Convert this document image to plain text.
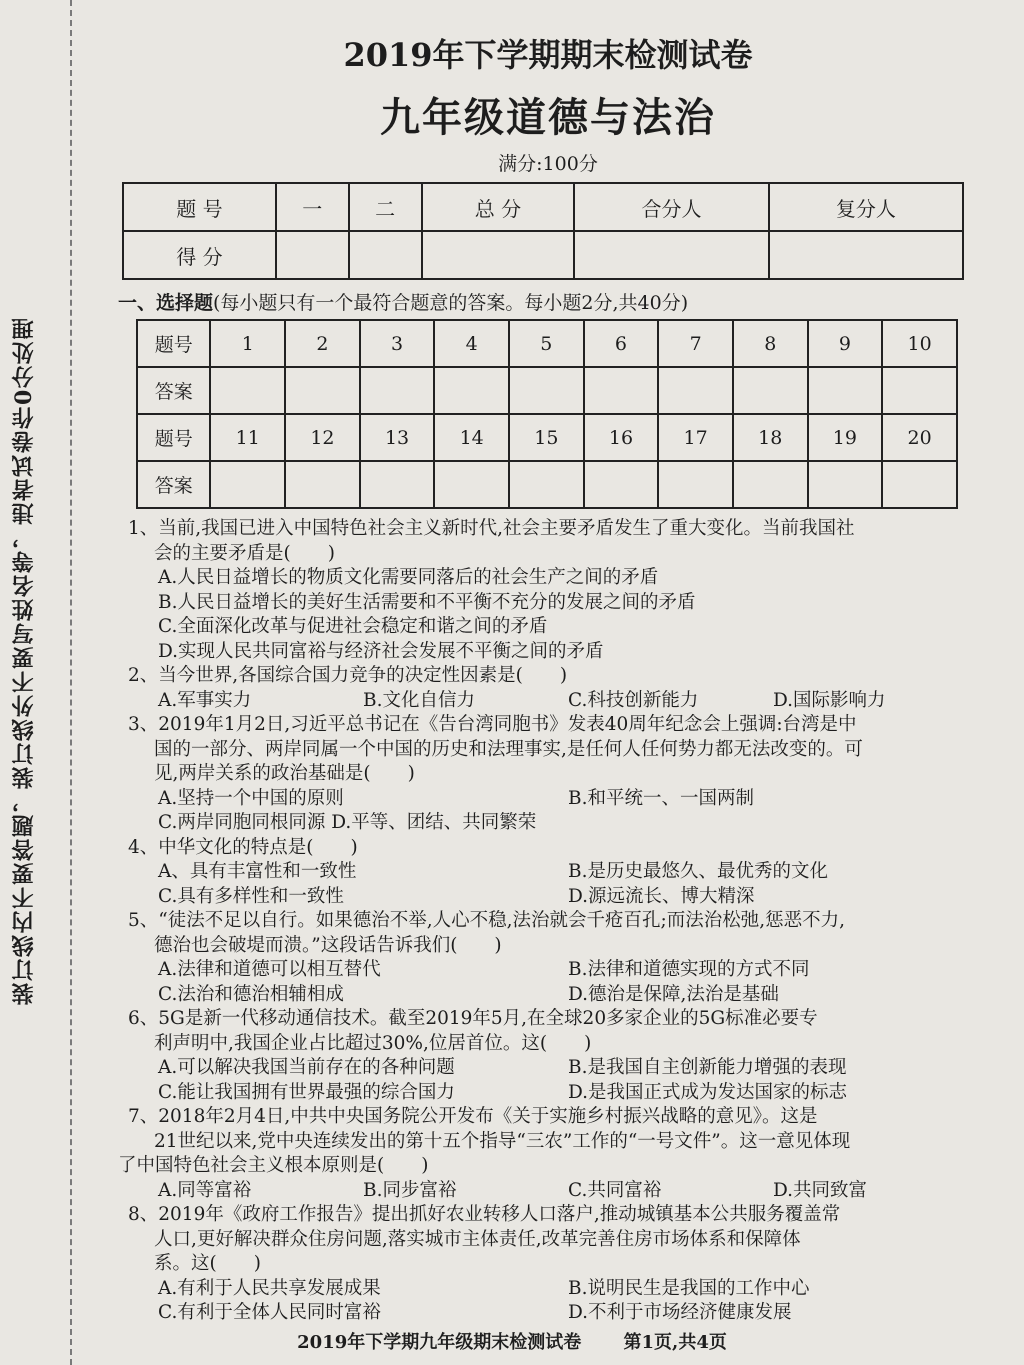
装订线内不要答题，装订线外不要写姓名等，违者试卷作0分处理
2019年下学期期末检测试卷
九年级道德与法治
满分:100分
题 号	一	二	总 分	合分人	复分人
得 分					
一、选择题(每小题只有一个最符合题意的答案。每小题2分,共40分)
题号	1	2	3	4	5	6	7	8	9	10
答案										
题号	11	12	13	14	15	16	17	18	19	20
答案										
1、当前,我国已进入中国特色社会主义新时代,社会主要矛盾发生了重大变化。当前我国社
会的主要矛盾是(　　)
A.人民日益增长的物质文化需要同落后的社会生产之间的矛盾
B.人民日益增长的美好生活需要和不平衡不充分的发展之间的矛盾
C.全面深化改革与促进社会稳定和谐之间的矛盾
D.实现人民共同富裕与经济社会发展不平衡之间的矛盾
2、当今世界,各国综合国力竞争的决定性因素是(　　)
A.军事实力	B.文化自信力	C.科技创新能力	D.国际影响力
3、2019年1月2日,习近平总书记在《告台湾同胞书》发表40周年纪念会上强调:台湾是中
国的一部分、两岸同属一个中国的历史和法理事实,是任何人任何势力都无法改变的。可
见,两岸关系的政治基础是(　　)
A.坚持一个中国的原则	B.和平统一、一国两制
C.两岸同胞同根同源 D.平等、团结、共同繁荣
4、中华文化的特点是(　　)
A、具有丰富性和一致性	B.是历史最悠久、最优秀的文化
C.具有多样性和一致性	D.源远流长、博大精深
5、“徒法不足以自行。如果德治不举,人心不稳,法治就会千疮百孔;而法治松弛,惩恶不力,
德治也会破堤而溃。”这段话告诉我们(　　)
A.法律和道德可以相互替代	B.法律和道德实现的方式不同
C.法治和德治相辅相成	D.德治是保障,法治是基础
6、5G是新一代移动通信技术。截至2019年5月,在全球20多家企业的5G标准必要专
利声明中,我国企业占比超过30%,位居首位。这(　　)
A.可以解决我国当前存在的各种问题	B.是我国自主创新能力增强的表现
C.能让我国拥有世界最强的综合国力	D.是我国正式成为发达国家的标志
7、2018年2月4日,中共中央国务院公开发布《关于实施乡村振兴战略的意见》。这是
21世纪以来,党中央连续发出的第十五个指导“三农”工作的“一号文件”。这一意见体现
了中国特色社会主义根本原则是(　　)
A.同等富裕	B.同步富裕	C.共同富裕	D.共同致富
8、2019年《政府工作报告》提出抓好农业转移人口落户,推动城镇基本公共服务覆盖常
人口,更好解决群众住房问题,落实城市主体责任,改革完善住房市场体系和保障体
系。这(　　)
A.有利于人民共享发展成果	B.说明民生是我国的工作中心
C.有利于全体人民同时富裕	D.不利于市场经济健康发展
2019年下学期九年级期末检测试卷 第1页,共4页
